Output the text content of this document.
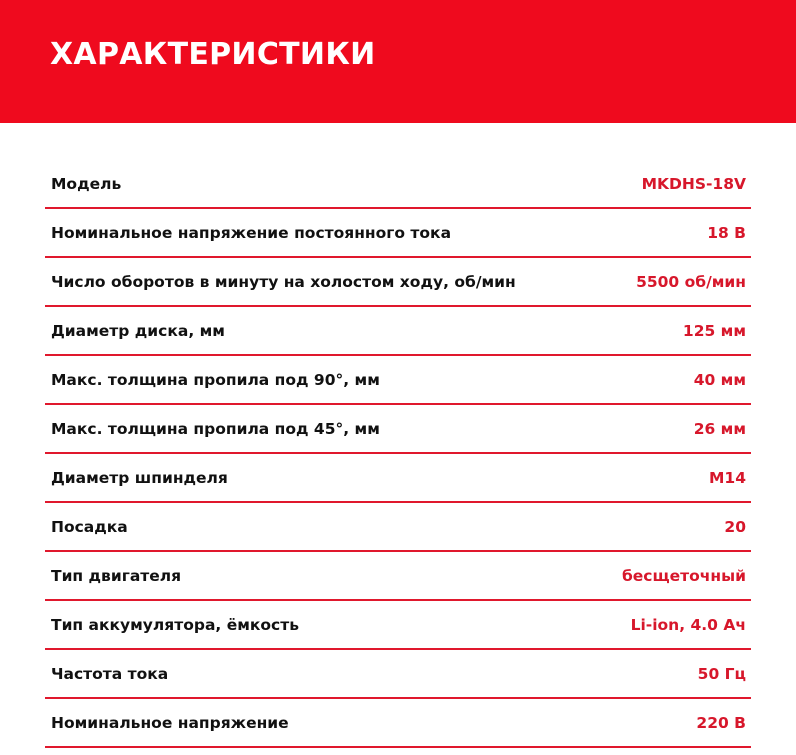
ХАРАКТЕРИСТИКИ
Модель	MKDHS-18V
Номинальное напряжение постоянного тока	18 В
Число оборотов в минуту на холостом ходу, об/мин	5500 об/мин
Диаметр диска, мм	125 мм
Макс. толщина пропила под 90°, мм	40 мм
Макс. толщина пропила под 45°, мм	26 мм
Диаметр шпинделя	М14
Посадка	20
Тип двигателя	бесщеточный
Тип аккумулятора, ёмкость	Li-ion, 4.0 Ач
Частота тока	50 Гц
Номинальное напряжение	220 В
